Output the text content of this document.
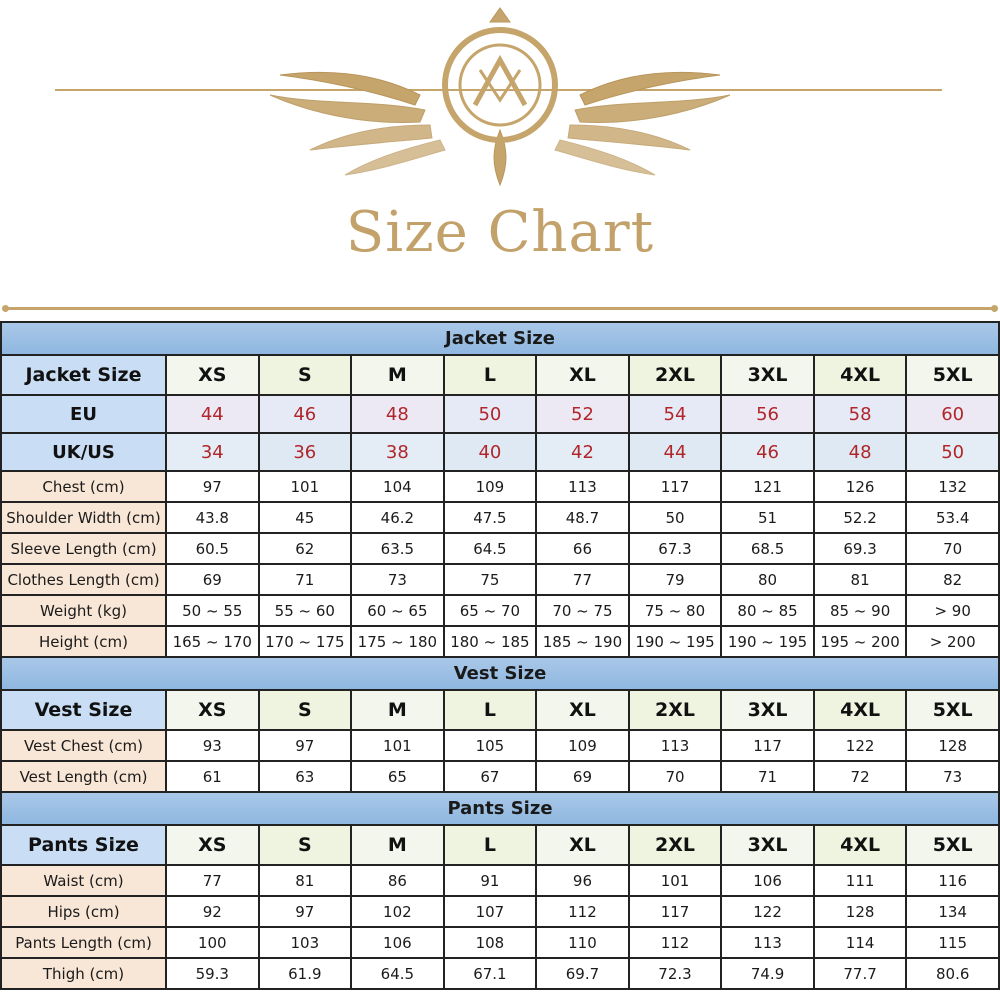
Size Chart
Jacket Size									
Jacket Size	XS	S	M	L	XL	2XL	3XL	4XL	5XL
EU	44	46	48	50	52	54	56	58	60
UK/US	34	36	38	40	42	44	46	48	50
Chest (cm)	97	101	104	109	113	117	121	126	132
Shoulder Width (cm)	43.8	45	46.2	47.5	48.7	50	51	52.2	53.4
Sleeve Length (cm)	60.5	62	63.5	64.5	66	67.3	68.5	69.3	70
Clothes Length (cm)	69	71	73	75	77	79	80	81	82
Weight (kg)	50 ~ 55	55 ~ 60	60 ~ 65	65 ~ 70	70 ~ 75	75 ~ 80	80 ~ 85	85 ~ 90	> 90
Height (cm)	165 ~ 170	170 ~ 175	175 ~ 180	180 ~ 185	185 ~ 190	190 ~ 195	190 ~ 195	195 ~ 200	> 200
Vest Size									
Vest Size	XS	S	M	L	XL	2XL	3XL	4XL	5XL
Vest Chest (cm)	93	97	101	105	109	113	117	122	128
Vest Length (cm)	61	63	65	67	69	70	71	72	73
Pants Size									
Pants Size	XS	S	M	L	XL	2XL	3XL	4XL	5XL
Waist (cm)	77	81	86	91	96	101	106	111	116
Hips (cm)	92	97	102	107	112	117	122	128	134
Pants Length (cm)	100	103	106	108	110	112	113	114	115
Thigh (cm)	59.3	61.9	64.5	67.1	69.7	72.3	74.9	77.7	80.6
